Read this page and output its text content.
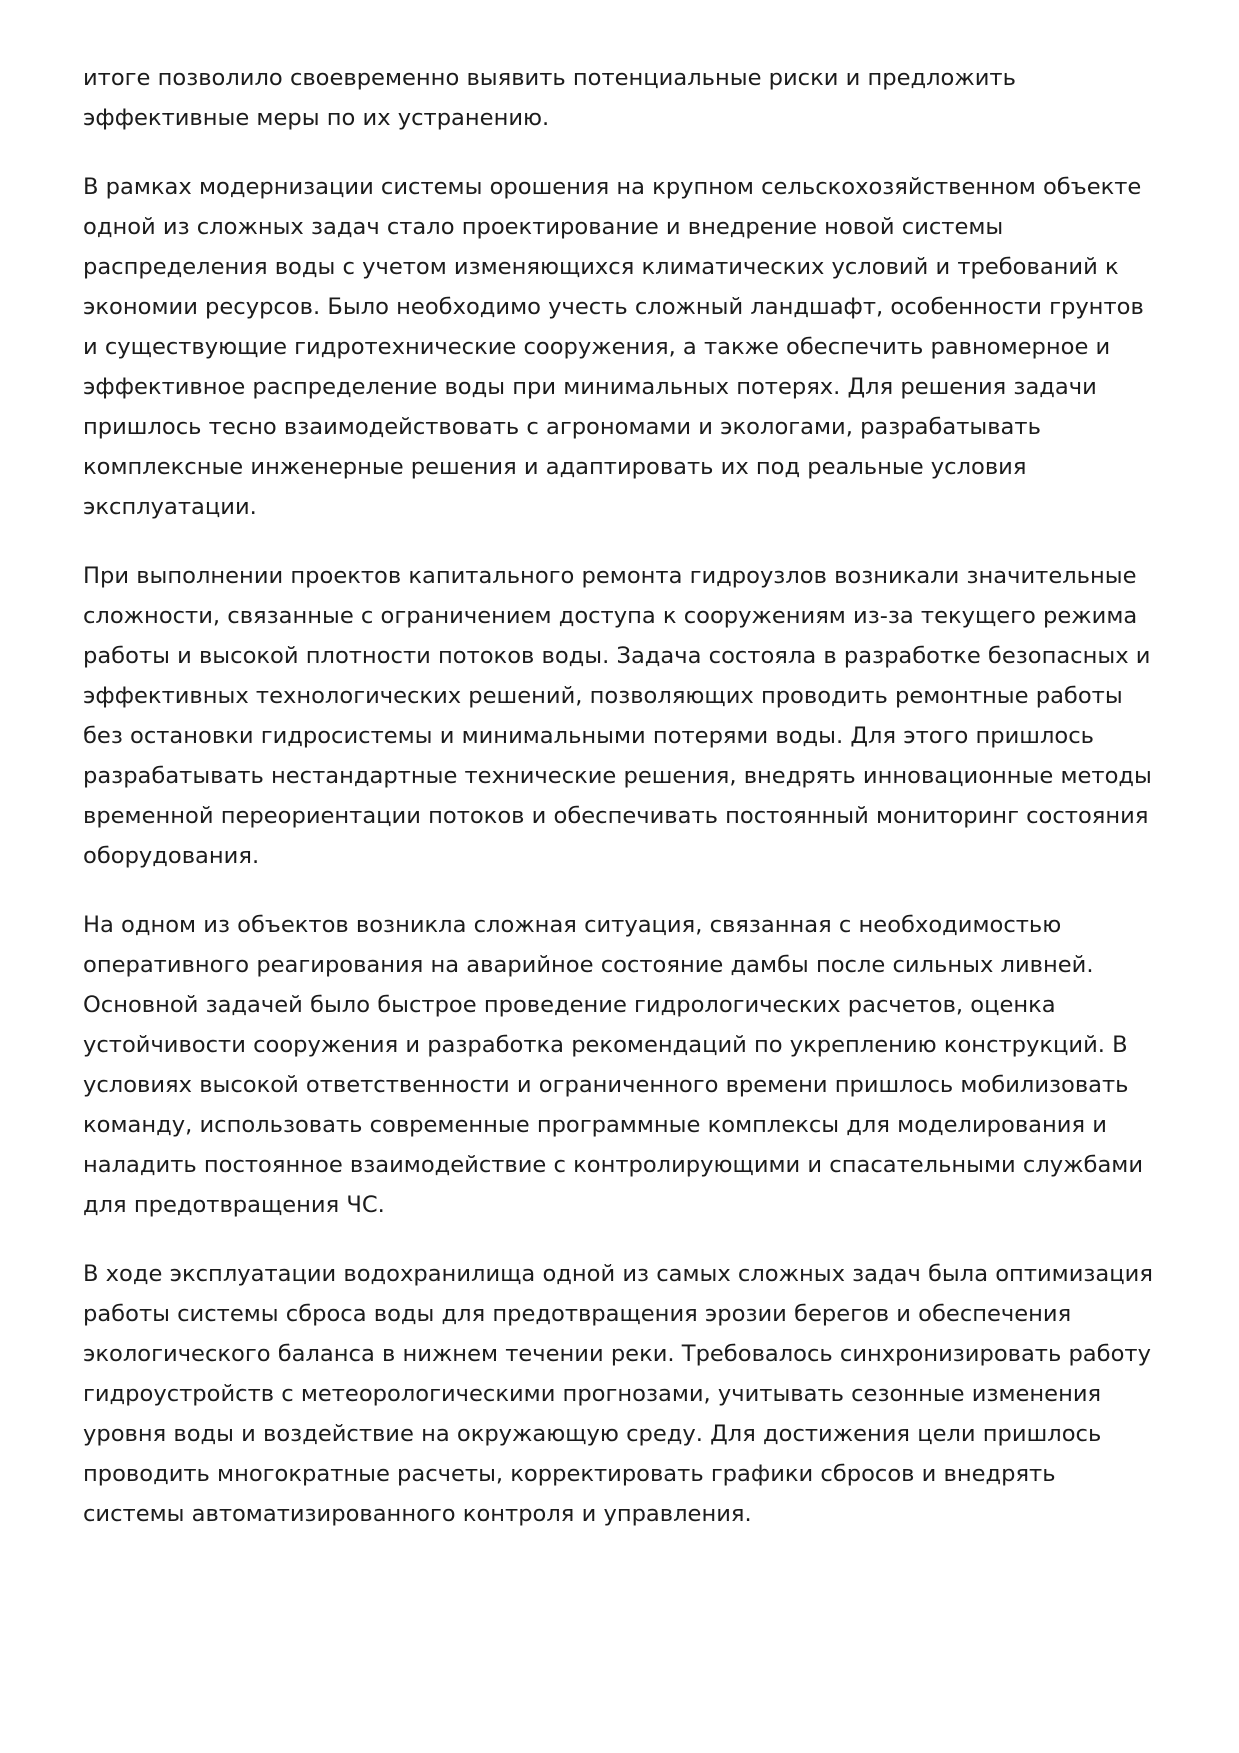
итоге позволило своевременно выявить потенциальные риски и предложить эффективные меры по их устранению.

В рамках модернизации системы орошения на крупном сельскохозяйственном объекте одной из сложных задач стало проектирование и внедрение новой системы распределения воды с учетом изменяющихся климатических условий и требований к экономии ресурсов. Было необходимо учесть сложный ландшафт, особенности грунтов и существующие гидротехнические сооружения, а также обеспечить равномерное и эффективное распределение воды при минимальных потерях. Для решения задачи пришлось тесно взаимодействовать с агрономами и экологами, разрабатывать комплексные инженерные решения и адаптировать их под реальные условия эксплуатации.

При выполнении проектов капитального ремонта гидроузлов возникали значительные сложности, связанные с ограничением доступа к сооружениям из-за текущего режима работы и высокой плотности потоков воды. Задача состояла в разработке безопасных и эффективных технологических решений, позволяющих проводить ремонтные работы без остановки гидросистемы и минимальными потерями воды. Для этого пришлось разрабатывать нестандартные технические решения, внедрять инновационные методы временной переориентации потоков и обеспечивать постоянный мониторинг состояния оборудования.

На одном из объектов возникла сложная ситуация, связанная с необходимостью оперативного реагирования на аварийное состояние дамбы после сильных ливней. Основной задачей было быстрое проведение гидрологических расчетов, оценка устойчивости сооружения и разработка рекомендаций по укреплению конструкций. В условиях высокой ответственности и ограниченного времени пришлось мобилизовать команду, использовать современные программные комплексы для моделирования и наладить постоянное взаимодействие с контролирующими и спасательными службами для предотвращения ЧС.

В ходе эксплуатации водохранилища одной из самых сложных задач была оптимизация работы системы сброса воды для предотвращения эрозии берегов и обеспечения экологического баланса в нижнем течении реки. Требовалось синхронизировать работу гидроустройств с метеорологическими прогнозами, учитывать сезонные изменения уровня воды и воздействие на окружающую среду. Для достижения цели пришлось проводить многократные расчеты, корректировать графики сбросов и внедрять системы автоматизированного контроля и управления.
